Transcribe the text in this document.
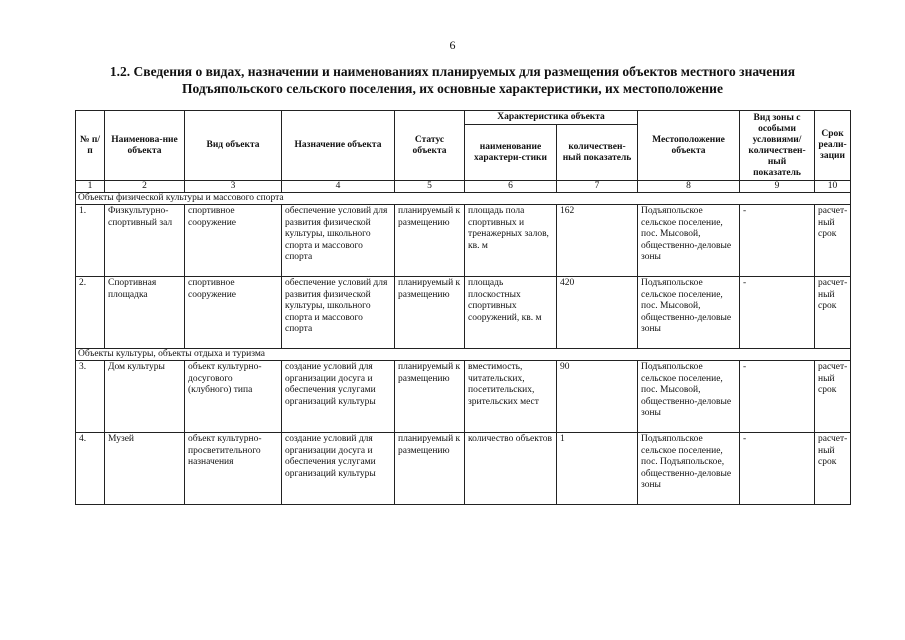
6
1.2. Сведения о видах, назначении и наименованиях планируемых для размещения объектов местного значения
Подъяпольского сельского поселения, их основные характеристики, их местоположение
№ п/п	Наименова-ние объекта	Вид объекта	Назначение объекта	Статус объекта	Характеристика объекта		Местоположение объекта	Вид зоны с особыми условиями/ количествен-ный показатель	Срок реали-зации
					наименование характери-стики	количествен-ный показатель			
1	2	3	4	5	6	7	8	9	10
Объекты физической культуры и массового спорта									
1.	Физкультурно-спортивный зал	спортивное сооружение	обеспечение условий для развития физической культуры, школьного спорта и массового спорта	планируемый к размещению	площадь пола спортивных и тренажерных залов, кв. м	162	Подъяпольское сельское поселение, пос. Мысовой, общественно-деловые зоны	-	расчет-ный срок
2.	Спортивная площадка	спортивное сооружение	обеспечение условий для развития физической культуры, школьного спорта и массового спорта	планируемый к размещению	площадь плоскостных спортивных сооружений, кв. м	420	Подъяпольское сельское поселение, пос. Мысовой, общественно-деловые зоны	-	расчет-ный срок
Объекты культуры, объекты отдыха и туризма									
3.	Дом культуры	объект культурно-досугового (клубного) типа	создание условий для организации досуга и обеспечения услугами организаций культуры	планируемый к размещению	вместимость, читательских, посетительских, зрительских мест	90	Подъяпольское сельское поселение, пос. Мысовой, общественно-деловые зоны	-	расчет-ный срок
4.	Музей	объект культурно-просветительного назначения	создание условий для организации досуга и обеспечения услугами организаций культуры	планируемый к размещению	количество объектов	1	Подъяпольское сельское поселение, пос. Подъяпольское, общественно-деловые зоны	-	расчет-ный срок
